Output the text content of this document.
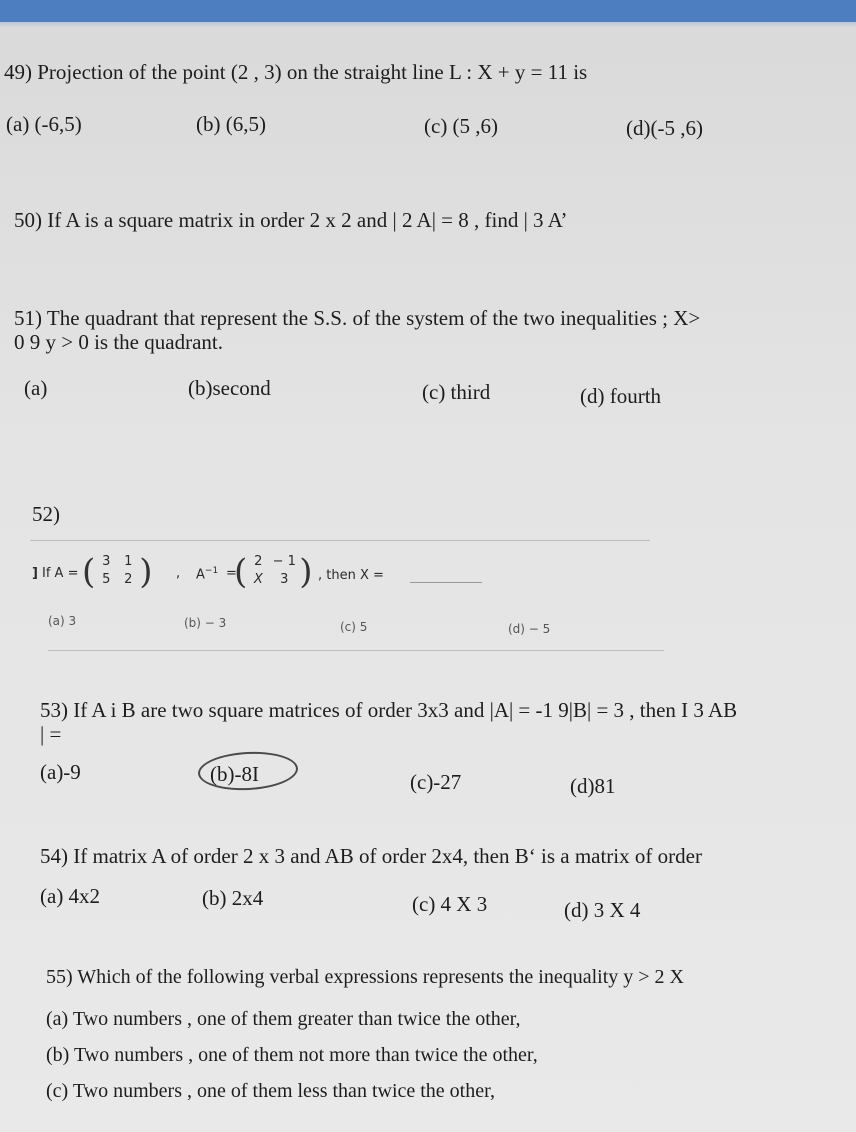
49) Projection of the point (2 , 3) on the straight line L : X + y = 11 is
(a) (-6,5)	(b) (6,5)	(c) (5 ,6)	(d)(-5 ,6)
50) If A is a square matrix in order 2 x 2 and | 2 A| = 8 , find | 3 A’
51) The quadrant that represent the S.S. of the system of the two inequalities ; X>
0 9 y > 0 is the quadrant.
(a)	(b)second	(c) third	(d) fourth
52)
] If A = ( 3	1
5	2 ) , $A^{-1}$ =
( 2 − 1
X	3 ) , then X =
(a) 3	(b) − 3	(c) 5	(d) − 5
53) If A i B are two square matrices of order 3x3 and |A| = -1 9|B| = 3 , then I 3 AB
| =
(a)-9	(b)-8I	(c)-27	(d)81
54) If matrix A of order 2 x 3 and AB of order 2x4, then B‘ is a matrix of order
(a) 4x2	(b) 2x4	(c) 4 X 3	(d) 3 X 4
55) Which of the following verbal expressions represents the inequality y > 2 X
(a) Two numbers , one of them greater than twice the other,
(b) Two numbers , one of them not more than twice the other,
(c) Two numbers , one of them less than twice the other,
